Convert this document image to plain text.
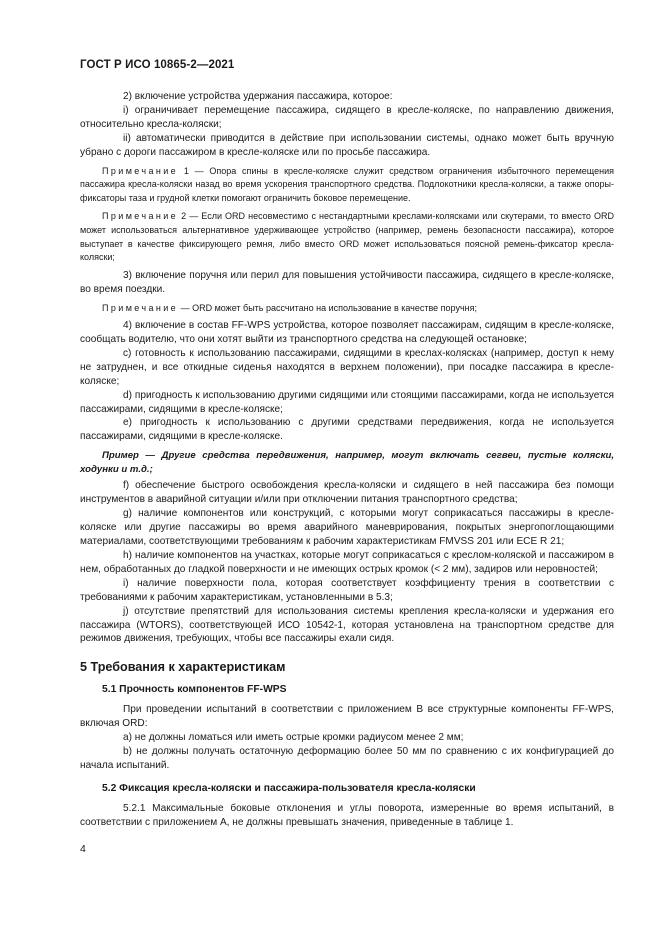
ГОСТ Р ИСО 10865-2—2021

2) включение устройства удержания пассажира, которое:

i) ограничивает перемещение пассажира, сидящего в кресле-коляске, по направлению движения, относительно кресла-коляски;

ii) автоматически приводится в действие при использовании системы, однако может быть вручную убрано с дороги пассажиром в кресле-коляске или по просьбе пассажира.

Примечание 1 — Опора спины в кресле-коляске служит средством ограничения избыточного перемещения пассажира кресла-коляски назад во время ускорения транспортного средства. Подлокотники кресла-коляски, а также опоры-фиксаторы таза и грудной клетки помогают ограничить боковое перемещение.

Примечание 2 — Если ORD несовместимо с нестандартными креслами-колясками или скутерами, то вместо ORD может использоваться альтернативное удерживающее устройство (например, ремень безопасности пассажира), которое выступает в качестве фиксирующего ремня, либо вместо ORD может использоваться поясной ремень-фиксатор кресла-коляски;

3) включение поручня или перил для повышения устойчивости пассажира, сидящего в кресле-коляске, во время поездки.

Примечание — ORD может быть рассчитано на использование в качестве поручня;

4) включение в состав FF-WPS устройства, которое позволяет пассажирам, сидящим в кресле-коляске, сообщать водителю, что они хотят выйти из транспортного средства на следующей остановке;

с) готовность к использованию пассажирами, сидящими в креслах-колясках (например, доступ к нему не затруднен, и все откидные сиденья находятся в верхнем положении), при посадке пассажира в кресле-коляске;

d) пригодность к использованию другими сидящими или стоящими пассажирами, когда не используется пассажирами, сидящими в кресле-коляске;

e) пригодность к использованию с другими средствами передвижения, когда не используется пассажирами, сидящими в кресле-коляске.

Пример — Другие средства передвижения, например, могут включать сегвеи, пустые коляски, ходунки и т.д.;

f) обеспечение быстрого освобождения кресла-коляски и сидящего в ней пассажира без помощи инструментов в аварийной ситуации и/или при отключении питания транспортного средства;

g) наличие компонентов или конструкций, с которыми могут соприкасаться пассажиры в кресле-коляске или другие пассажиры во время аварийного маневрирования, покрытых энергопоглощающими материалами, соответствующими требованиям к рабочим характеристикам FMVSS 201 или ECE R 21;

h) наличие компонентов на участках, которые могут соприкасаться с креслом-коляской и пассажиром в нем, обработанных до гладкой поверхности и не имеющих острых кромок (< 2 мм), задиров или неровностей;

i) наличие поверхности пола, которая соответствует коэффициенту трения в соответствии с требованиями к рабочим характеристикам, установленными в 5.3;

j) отсутствие препятствий для использования системы крепления кресла-коляски и удержания его пассажира (WTORS), соответствующей ИСО 10542-1, которая установлена на транспортном средстве для режимов движения, требующих, чтобы все пассажиры ехали сидя.

5 Требования к характеристикам
5.1 Прочность компонентов FF-WPS

При проведении испытаний в соответствии с приложением B все структурные компоненты FF-WPS, включая ORD:

а) не должны ломаться или иметь острые кромки радиусом менее 2 мм;

b) не должны получать остаточную деформацию более 50 мм по сравнению с их конфигурацией до начала испытаний.

5.2 Фиксация кресла-коляски и пассажира-пользователя кресла-коляски

5.2.1 Максимальные боковые отклонения и углы поворота, измеренные во время испытаний, в соответствии с приложением A, не должны превышать значения, приведенные в таблице 1.

4
